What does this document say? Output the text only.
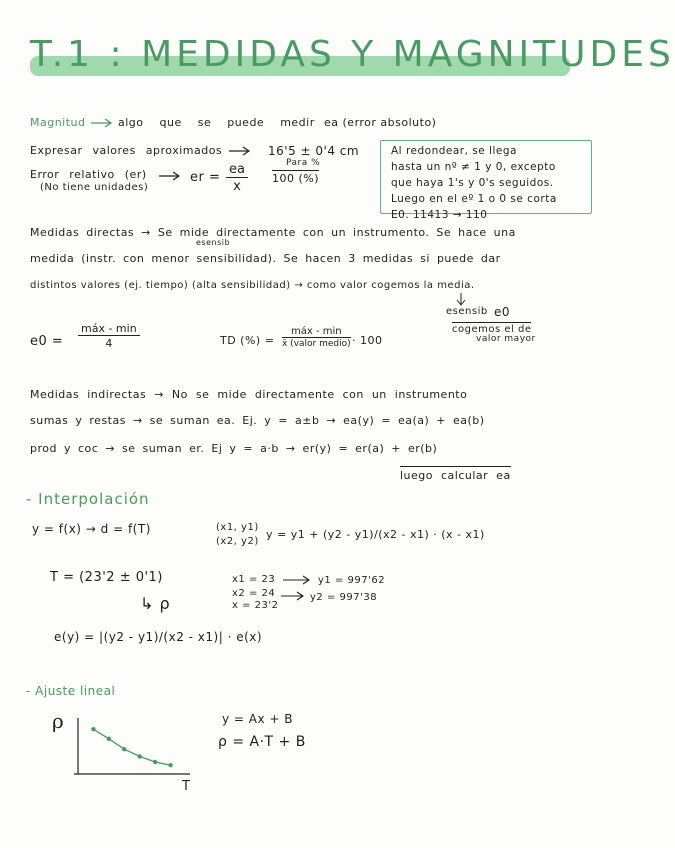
T.1 : MEDIDAS Y MAGNITUDES
Magnitud	algo que se puede medir ea (error absoluto)
Expresar valores aproximados	16'5 ± 0'4 cm
Error relativo (er)
(No tiene unidades)
er = $\frac{ea}{x}$	Para %
100 (%)
Al redondear, se llega
hasta un nº ≠ 1 y 0, excepto
que haya 1's y 0's seguidos.
Luego en el eº 1 o 0 se corta
E0. 11413 → 110
Medidas directas → Se mide directamente con un instrumento. Se hace una
esensib
medida (instr. con menor sensibilidad). Se hacen 3 medidas si puede dar
distintos valores (ej. tiempo) (alta sensibilidad) → como valor cogemos la media.
esensib e0
cogemos el de
valor mayor
e0 =
máx - min
4	TD (%) =
máx - min
x̄ (valor medio) · 100
Medidas indirectas → No se mide directamente con un instrumento
sumas y restas → se suman ea. Ej. y = a±b → ea(y) = ea(a) + ea(b)
prod y coc → se suman er. Ej y = a·b → er(y) = er(a) + er(b)
luego calcular ea
- Interpolación
y = f(x) → d = f(T)	(x1, y1)
(x2, y2)
y = y1 + (y2 - y1)/(x2 - x1) · (x - x1)
T = (23'2 ± 0'1)
↳ ρ
x1 = 23
x2 = 24
x = 23'2
y1 = 997'62
y2 = 997'38
e(y) = |(y2 - y1)/(x2 - x1)| · e(x)
- Ajuste lineal
y = Ax + B
ρ = A·T + B
ρ
T
